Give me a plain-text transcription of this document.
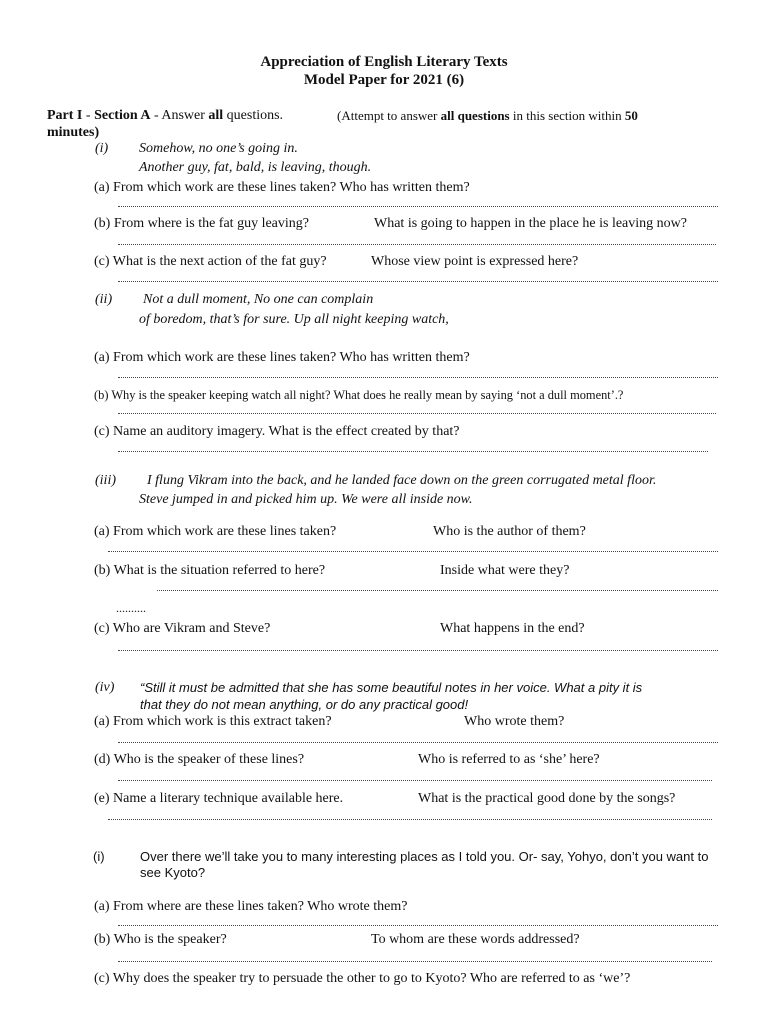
Appreciation of English Literary Texts
Model Paper for 2021 (6)
Part I - Section A - Answer all questions.	(Attempt to answer all questions in this section within 50
minutes)
(i) Somehow, no one’s going in.
Another guy, fat, bald, is leaving, though.
(a) From which work are these lines taken? Who has written them?
(b) From where is the fat guy leaving?	What is going to happen in the place he is leaving now?
(c) What is the next action of the fat guy?	Whose view point is expressed here?
(ii) Not a dull moment, No one can complain
of boredom, that’s for sure. Up all night keeping watch,
(a) From which work are these lines taken? Who has written them?
(b) Why is the speaker keeping watch all night? What does he really mean by saying ‘not a dull moment’.?
(c) Name an auditory imagery. What is the effect created by that?
(iii) I flung Vikram into the back, and he landed face down on the green corrugated metal floor.
Steve jumped in and picked him up. We were all inside now.
(a) From which work are these lines taken?	Who is the author of them?
(b) What is the situation referred to here?	Inside what were they?
..........
(c) Who are Vikram and Steve?	What happens in the end?
(iv) “Still it must be admitted that she has some beautiful notes in her voice. What a pity it is
that they do not mean anything, or do any practical good!
(a) From which work is this extract taken?	Who wrote them?
(d) Who is the speaker of these lines?	Who is referred to as ‘she’ here?
(e) Name a literary technique available here.	What is the practical good done by the songs?
(i)	Over there we’ll take you to many interesting places as I told you. Or- say, Yohyo, don’t you want to
see Kyoto?
(a) From where are these lines taken? Who wrote them?
(b) Who is the speaker?	To whom are these words addressed?
(c) Why does the speaker try to persuade the other to go to Kyoto? Who are referred to as ‘we’?
